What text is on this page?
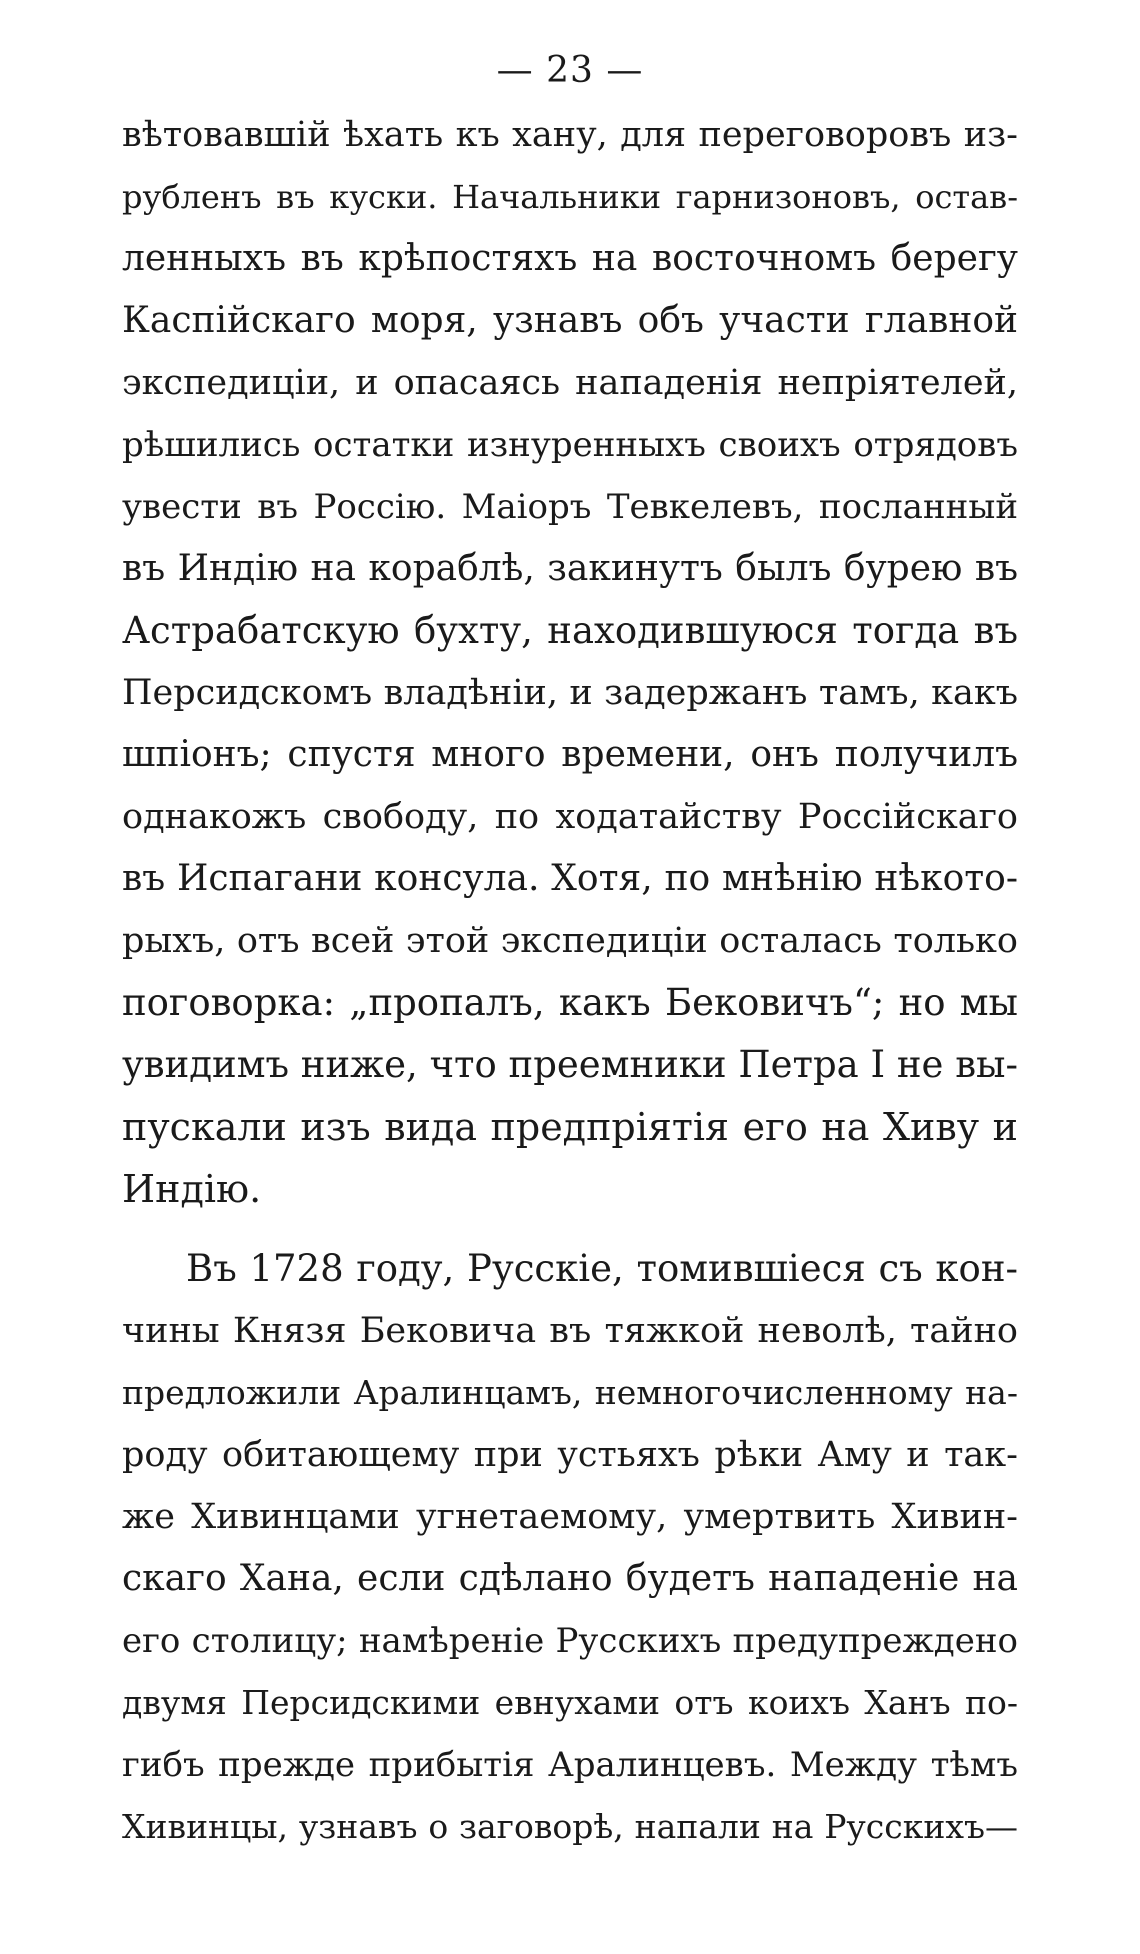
— 23 —
вѣтовавшій ѣхать къ хану, для переговоровъ из-
рубленъ въ куски. Начальники гарнизоновъ, остав-
ленныхъ въ крѣпостяхъ на восточномъ берегу
Каспійскаго моря, узнавъ объ участи главной
экспедиціи, и опасаясь нападенія непріятелей,
рѣшились остатки изнуренныхъ своихъ отрядовъ
увести въ Россію. Маіоръ Тевкелевъ, посланный
въ Индію на кораблѣ, закинутъ былъ бурею въ
Астрабатскую бухту, находившуюся тогда въ
Персидскомъ владѣніи, и задержанъ тамъ, какъ
шпіонъ; спустя много времени, онъ получилъ
однакожъ свободу, по ходатайству Россійскаго
въ Испагани консула. Хотя, по мнѣнію нѣкото-
рыхъ, отъ всей этой экспедиціи осталась только
поговорка: „пропалъ, какъ Бековичъ“; но мы
увидимъ ниже, что преемники Петра I не вы-
пускали изъ вида предпріятія его на Хиву и
Индію.
Въ 1728 году, Русскіе, томившіеся съ кон-
чины Князя Бековича въ тяжкой неволѣ, тайно
предложили Аралинцамъ, немногочисленному на-
роду обитающему при устьяхъ рѣки Аму и так-
же Хивинцами угнетаемому, умертвить Хивин-
скаго Хана, если сдѣлано будетъ нападеніе на
его столицу; намѣреніе Русскихъ предупреждено
двумя Персидскими евнухами отъ коихъ Ханъ по-
гибъ прежде прибытія Аралинцевъ. Между тѣмъ
Хивинцы, узнавъ о заговорѣ, напали на Русскихъ—
